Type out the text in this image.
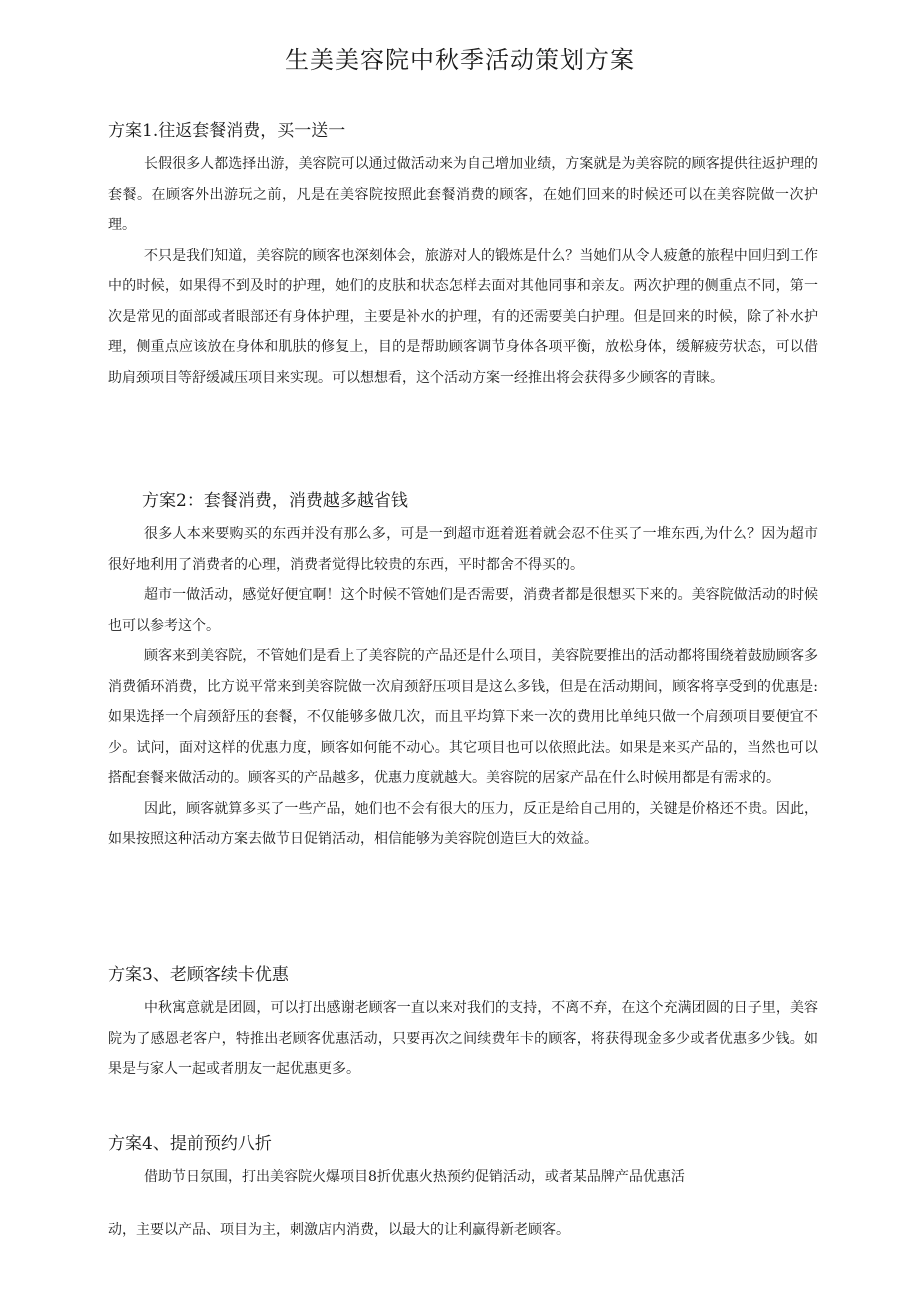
生美美容院中秋季活动策划方案
方案1.往返套餐消费，买一送一

长假很多人都选择出游，美容院可以通过做活动来为自己增加业绩，方案就是为美容院的顾客提供往返护理的套餐。在顾客外出游玩之前，凡是在美容院按照此套餐消费的顾客，在她们回来的时候还可以在美容院做一次护理。

不只是我们知道，美容院的顾客也深刻体会，旅游对人的锻炼是什么？当她们从令人疲惫的旅程中回归到工作中的时候，如果得不到及时的护理，她们的皮肤和状态怎样去面对其他同事和亲友。两次护理的侧重点不同，第一次是常见的面部或者眼部还有身体护理，主要是补水的护理，有的还需要美白护理。但是回来的时候，除了补水护理，侧重点应该放在身体和肌肤的修复上，目的是帮助顾客调节身体各项平衡，放松身体，缓解疲劳状态，可以借助肩颈项目等舒缓减压项目来实现。可以想想看，这个活动方案一经推出将会获得多少顾客的青睐。

方案2：套餐消费，消费越多越省钱

很多人本来要购买的东西并没有那么多，可是一到超市逛着逛着就会忍不住买了一堆东西,为什么？因为超市很好地利用了消费者的心理，消费者觉得比较贵的东西，平时都舍不得买的。

超市一做活动，感觉好便宜啊！这个时候不管她们是否需要，消费者都是很想买下来的。美容院做活动的时候也可以参考这个。

顾客来到美容院，不管她们是看上了美容院的产品还是什么项目，美容院要推出的活动都将围绕着鼓励顾客多消费循环消费，比方说平常来到美容院做一次肩颈舒压项目是这么多钱，但是在活动期间，顾客将享受到的优惠是:如果选择一个肩颈舒压的套餐，不仅能够多做几次，而且平均算下来一次的费用比单纯只做一个肩颈项目要便宜不少。试问，面对这样的优惠力度，顾客如何能不动心。其它项目也可以依照此法。如果是来买产品的，当然也可以搭配套餐来做活动的。顾客买的产品越多，优惠力度就越大。美容院的居家产品在什么时候用都是有需求的。

因此，顾客就算多买了一些产品，她们也不会有很大的压力，反正是给自己用的，关键是价格还不贵。因此，如果按照这种活动方案去做节日促销活动，相信能够为美容院创造巨大的效益。

方案3、老顾客续卡优惠

中秋寓意就是团圆，可以打出感谢老顾客一直以来对我们的支持，不离不弃，在这个充满团圆的日子里，美容院为了感恩老客户，特推出老顾客优惠活动，只要再次之间续费年卡的顾客，将获得现金多少或者优惠多少钱。如果是与家人一起或者朋友一起优惠更多。

方案4、提前预约八折

借助节日氛围，打出美容院火爆项目8折优惠火热预约促销活动，或者某品牌产品优惠活

动，主要以产品、项目为主，刺激店内消费，以最大的让利赢得新老顾客。
